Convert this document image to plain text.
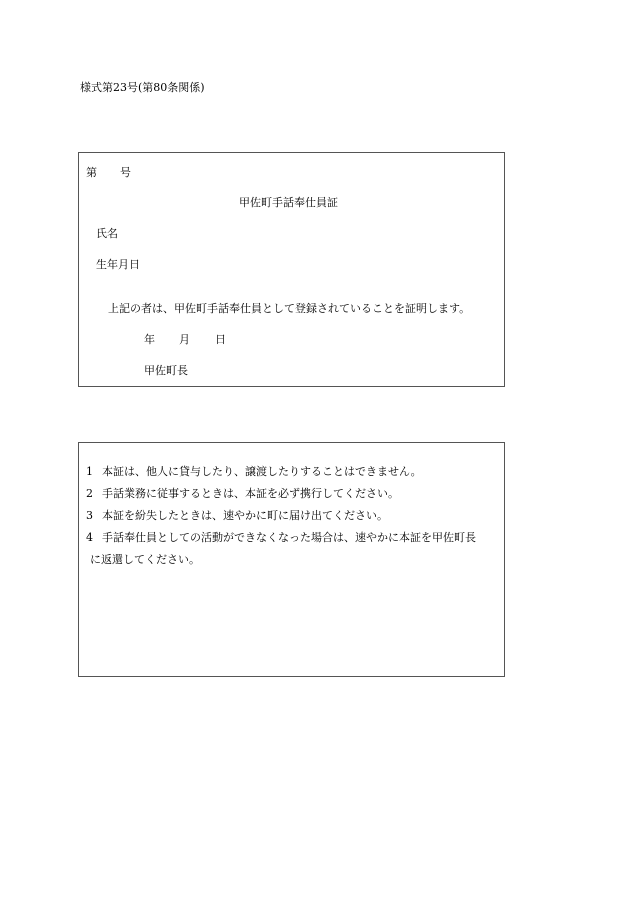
様式第23号(第80条関係)
第 号
甲佐町手話奉仕員証
氏名
生年月日
上記の者は、甲佐町手話奉仕員として登録されていることを証明します。
年 月 日
甲佐町長
1 本証は、他人に貸与したり、譲渡したりすることはできません。
2 手話業務に従事するときは、本証を必ず携行してください。
3 本証を紛失したときは、速やかに町に届け出てください。
4 手話奉仕員としての活動ができなくなった場合は、速やかに本証を甲佐町長
に返還してください。
